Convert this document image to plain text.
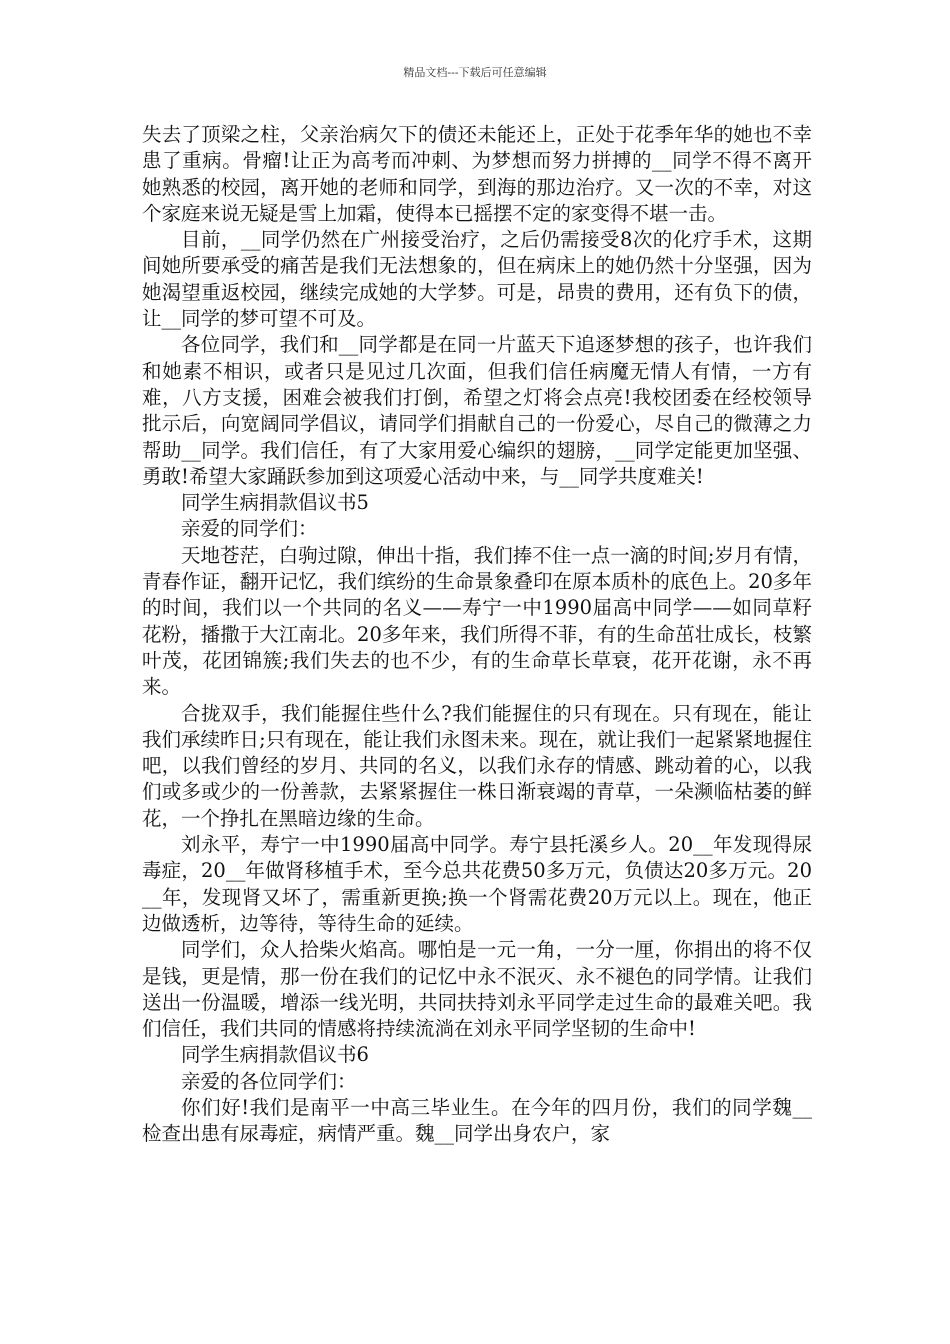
精品文档---下载后可任意编辑

失去了顶梁之柱，父亲治病欠下的债还未能还上，正处于花季年华的她也不幸患了重病。骨瘤!让正为高考而冲刺、为梦想而努力拼搏的__同学不得不离开她熟悉的校园，离开她的老师和同学，到海的那边治疗。又一次的不幸，对这个家庭来说无疑是雪上加霜，使得本已摇摆不定的家变得不堪一击。

目前，__同学仍然在广州接受治疗，之后仍需接受8次的化疗手术，这期间她所要承受的痛苦是我们无法想象的，但在病床上的她仍然十分坚强，因为她渴望重返校园，继续完成她的大学梦。可是，昂贵的费用，还有负下的债，让__同学的梦可望不可及。

各位同学，我们和__同学都是在同一片蓝天下追逐梦想的孩子，也许我们和她素不相识，或者只是见过几次面，但我们信任病魔无情人有情，一方有难，八方支援，困难会被我们打倒，希望之灯将会点亮!我校团委在经校领导批示后，向宽阔同学倡议，请同学们捐献自己的一份爱心，尽自己的微薄之力帮助__同学。我们信任，有了大家用爱心编织的翅膀，__同学定能更加坚强、勇敢!希望大家踊跃参加到这项爱心活动中来，与__同学共度难关!

同学生病捐款倡议书5

亲爱的同学们：

天地苍茫，白驹过隙，伸出十指，我们捧不住一点一滴的时间;岁月有情，青春作证，翻开记忆，我们缤纷的生命景象叠印在原本质朴的底色上。20多年的时间，我们以一个共同的名义——寿宁一中1990届高中同学——如同草籽花粉，播撒于大江南北。20多年来，我们所得不菲，有的生命茁壮成长，枝繁叶茂，花团锦簇;我们失去的也不少，有的生命草长草衰，花开花谢，永不再来。

合拢双手，我们能握住些什么?我们能握住的只有现在。只有现在，能让我们承续昨日;只有现在，能让我们永图未来。现在，就让我们一起紧紧地握住吧，以我们曾经的岁月、共同的名义，以我们永存的情感、跳动着的心，以我们或多或少的一份善款，去紧紧握住一株日渐衰竭的青草，一朵濒临枯萎的鲜花，一个挣扎在黑暗边缘的生命。

刘永平，寿宁一中1990届高中同学。寿宁县托溪乡人。20__年发现得尿毒症，20__年做肾移植手术，至今总共花费50多万元，负债达20多万元。20__年，发现肾又坏了，需重新更换;换一个肾需花费20万元以上。现在，他正边做透析，边等待，等待生命的延续。

同学们，众人拾柴火焰高。哪怕是一元一角，一分一厘，你捐出的将不仅是钱，更是情，那一份在我们的记忆中永不泯灭、永不褪色的同学情。让我们送出一份温暖，增添一线光明，共同扶持刘永平同学走过生命的最难关吧。我们信任，我们共同的情感将持续流淌在刘永平同学坚韧的生命中!

同学生病捐款倡议书6

亲爱的各位同学们：

你们好!我们是南平一中高三毕业生。在今年的四月份，我们的同学魏__检查出患有尿毒症，病情严重。魏__同学出身农户，家
